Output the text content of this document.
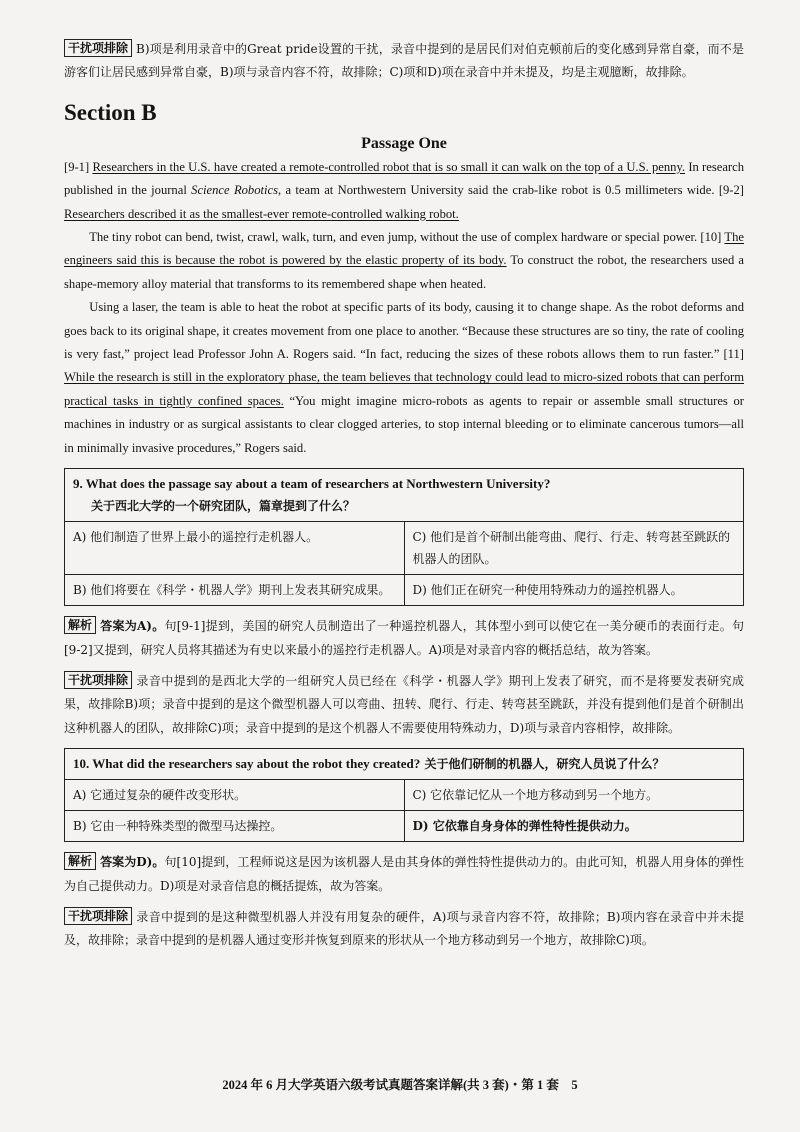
干扰项排除 B)项是利用录音中的Great pride设置的干扰，录音中提到的是居民们对伯克顿前后的变化感到异常自豪，而不是游客们让居民感到异常自豪，B)项与录音内容不符，故排除；C)项和D)项在录音中并未提及，均是主观臆断，故排除。

Section B
Passage One

[9-1] Researchers in the U.S. have created a remote-controlled robot that is so small it can walk on the top of a U.S. penny. In research published in the journal Science Robotics, a team at Northwestern University said the crab-like robot is 0.5 millimeters wide. [9-2] Researchers described it as the smallest-ever remote-controlled walking robot.

The tiny robot can bend, twist, crawl, walk, turn, and even jump, without the use of complex hardware or special power. [10] The engineers said this is because the robot is powered by the elastic property of its body. To construct the robot, the researchers used a shape-memory alloy material that transforms to its remembered shape when heated.

Using a laser, the team is able to heat the robot at specific parts of its body, causing it to change shape. As the robot deforms and goes back to its original shape, it creates movement from one place to another. “Because these structures are so tiny, the rate of cooling is very fast,” project lead Professor John A. Rogers said. “In fact, reducing the sizes of these robots allows them to run faster.” [11] While the research is still in the exploratory phase, the team believes that technology could lead to micro-sized robots that can perform practical tasks in tightly confined spaces. “You might imagine micro-robots as agents to repair or assemble small structures or machines in industry or as surgical assistants to clear clogged arteries, to stop internal bleeding or to eliminate cancerous tumors—all in minimally invasive procedures,” Rogers said.

9. What does the passage say about a team of researchers at Northwestern University?
关于西北大学的一个研究团队，篇章提到了什么？	

A) 他们制造了世界上最小的遥控行走机器人。	C) 他们是首个研制出能弯曲、爬行、行走、转弯甚至跳跃的机器人的团队。
B) 他们将要在《科学・机器人学》期刊上发表其研究成果。	D) 他们正在研究一种使用特殊动力的遥控机器人。

解析 答案为A)。句[9-1]提到，美国的研究人员制造出了一种遥控机器人，其体型小到可以使它在一美分硬币的表面行走。句[9-2]又提到，研究人员将其描述为有史以来最小的遥控行走机器人。A)项是对录音内容的概括总结，故为答案。

干扰项排除 录音中提到的是西北大学的一组研究人员已经在《科学・机器人学》期刊上发表了研究，而不是将要发表研究成果，故排除B)项；录音中提到的是这个微型机器人可以弯曲、扭转、爬行、行走、转弯甚至跳跃，并没有提到他们是首个研制出这种机器人的团队，故排除C)项；录音中提到的是这个机器人不需要使用特殊动力，D)项与录音内容相悖，故排除。

10. What did the researchers say about the robot they created? 关于他们研制的机器人，研究人员说了什么？	
A) 它通过复杂的硬件改变形状。	C) 它依靠记忆从一个地方移动到另一个地方。
B) 它由一种特殊类型的微型马达操控。	D) 它依靠自身身体的弹性特性提供动力。

解析 答案为D)。句[10]提到，工程师说这是因为该机器人是由其身体的弹性特性提供动力的。由此可知，机器人用身体的弹性为自己提供动力。D)项是对录音信息的概括提炼，故为答案。

干扰项排除 录音中提到的是这种微型机器人并没有用复杂的硬件，A)项与录音内容不符，故排除；B)项内容在录音中并未提及，故排除；录音中提到的是机器人通过变形并恢复到原来的形状从一个地方移动到另一个地方，故排除C)项。

2024 年 6 月大学英语六级考试真题答案详解(共 3 套)・第 1 套　5
